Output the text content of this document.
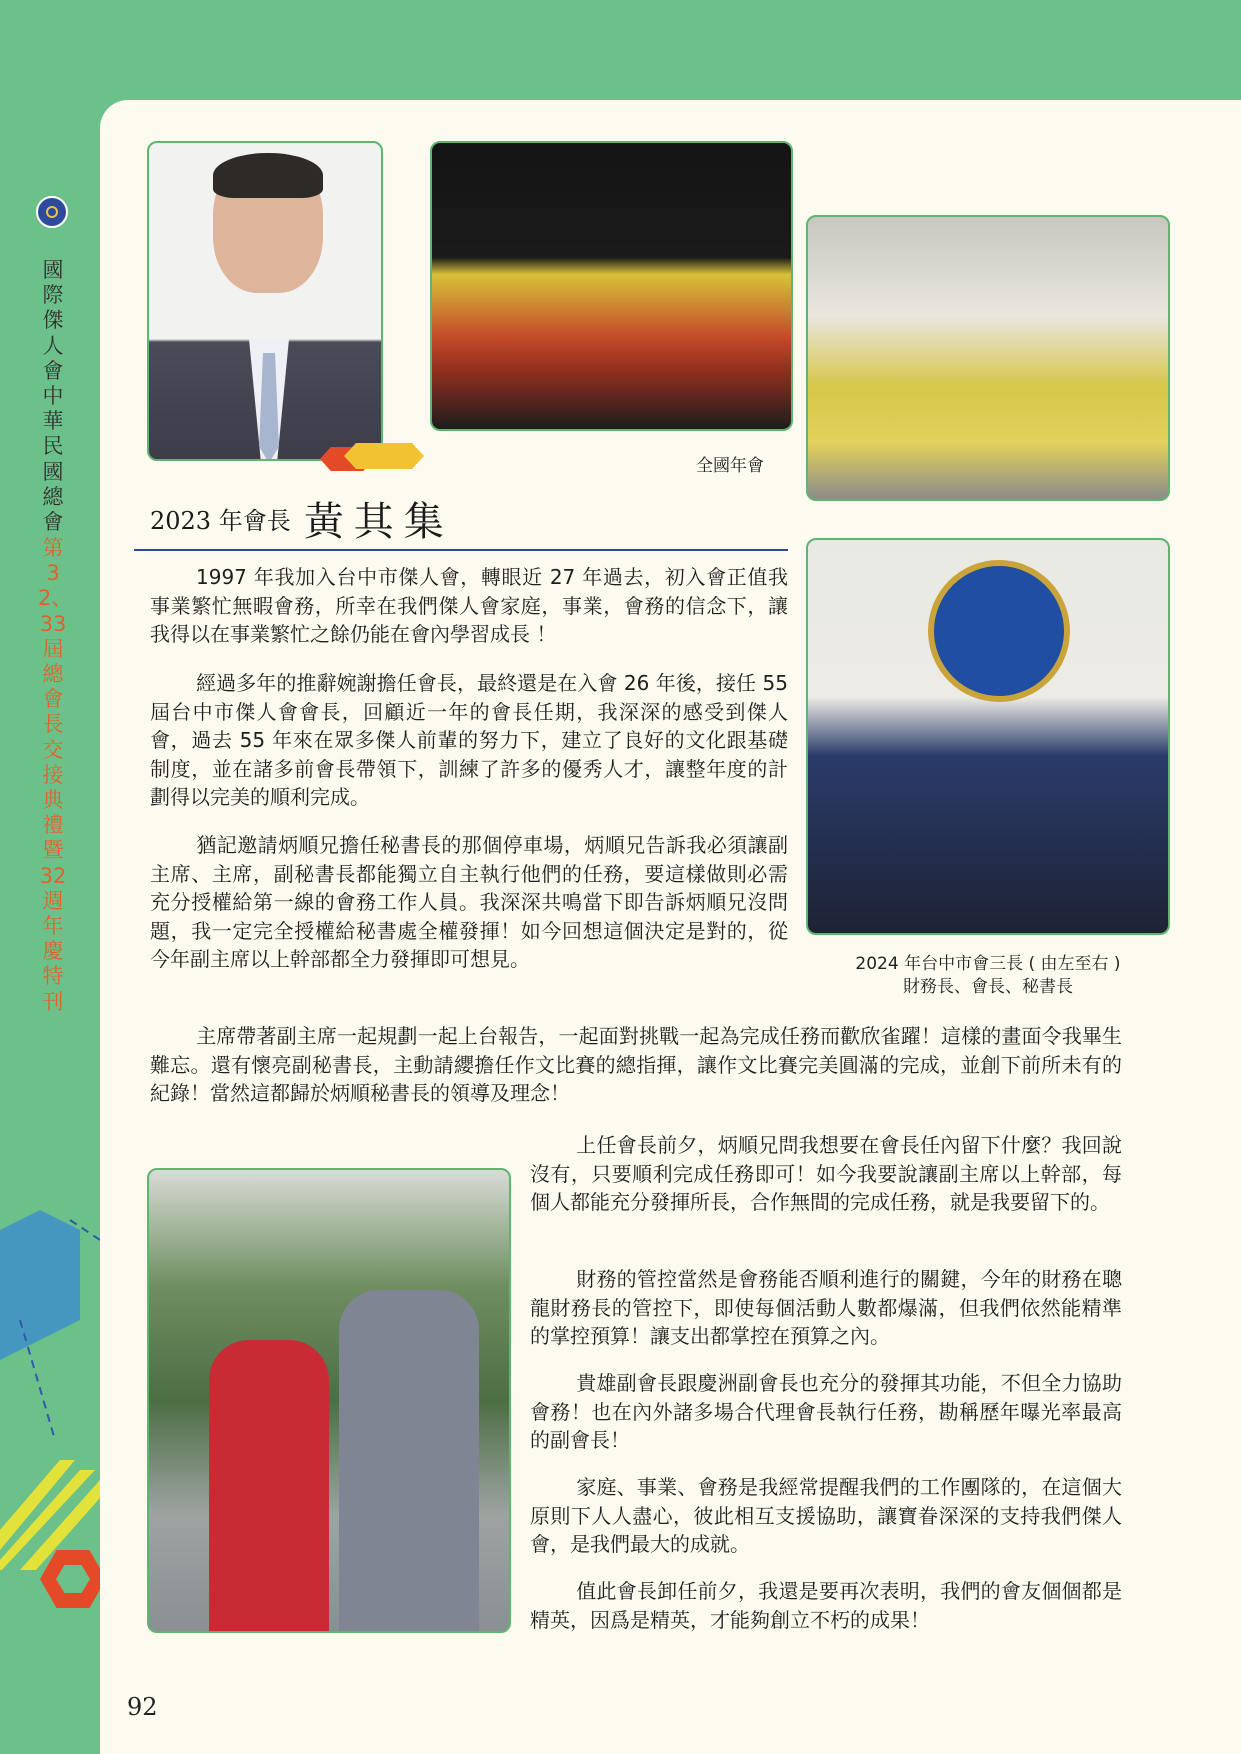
國際傑人會中華民國總會
第32、33屆總會長交接典禮暨32週年慶特刊
全國年會
2023 年會長 黃其集
2024 年台中市會三長 ( 由左至右 )
財務長、會長、秘書長
1997 年我加入台中市傑人會，轉眼近 27 年過去，初入會正值我事業繁忙無暇會務，所幸在我們傑人會家庭，事業，會務的信念下，讓我得以在事業繁忙之餘仍能在會內學習成長 ！
經過多年的推辭婉謝擔任會長，最終還是在入會 26 年後，接任 55 屆台中市傑人會會長，回顧近一年的會長任期，我深深的感受到傑人會，過去 55 年來在眾多傑人前輩的努力下，建立了良好的文化跟基礎制度，並在諸多前會長帶領下，訓練了許多的優秀人才，讓整年度的計劃得以完美的順利完成。
猶記邀請炳順兄擔任秘書長的那個停車場，炳順兄告訴我必須讓副主席、主席，副秘書長都能獨立自主執行他們的任務，要這樣做則必需充分授權給第一線的會務工作人員。我深深共鳴當下即告訴炳順兄沒問題，我一定完全授權給秘書處全權發揮！如今回想這個決定是對的，從今年副主席以上幹部都全力發揮即可想見。
主席帶著副主席一起規劃一起上台報告，一起面對挑戰一起為完成任務而歡欣雀躍！這樣的畫面令我畢生難忘。還有懷亮副秘書長，主動請纓擔任作文比賽的總指揮，讓作文比賽完美圓滿的完成，並創下前所未有的紀錄！當然這都歸於炳順秘書長的領導及理念！
上任會長前夕，炳順兄問我想要在會長任內留下什麼？我回說沒有，只要順利完成任務即可！如今我要說讓副主席以上幹部，每個人都能充分發揮所長，合作無間的完成任務，就是我要留下的。
財務的管控當然是會務能否順利進行的關鍵，今年的財務在聰龍財務長的管控下，即使每個活動人數都爆滿，但我們依然能精準的掌控預算！讓支出都掌控在預算之內。
貴雄副會長跟慶洲副會長也充分的發揮其功能，不但全力協助會務！也在內外諸多場合代理會長執行任務，勘稱歷年曝光率最高的副會長！
家庭、事業、會務是我經常提醒我們的工作團隊的，在這個大原則下人人盡心，彼此相互支援協助，讓寶眷深深的支持我們傑人會，是我們最大的成就。
值此會長卸任前夕，我還是要再次表明，我們的會友個個都是精英，因爲是精英，才能夠創立不朽的成果！
92
